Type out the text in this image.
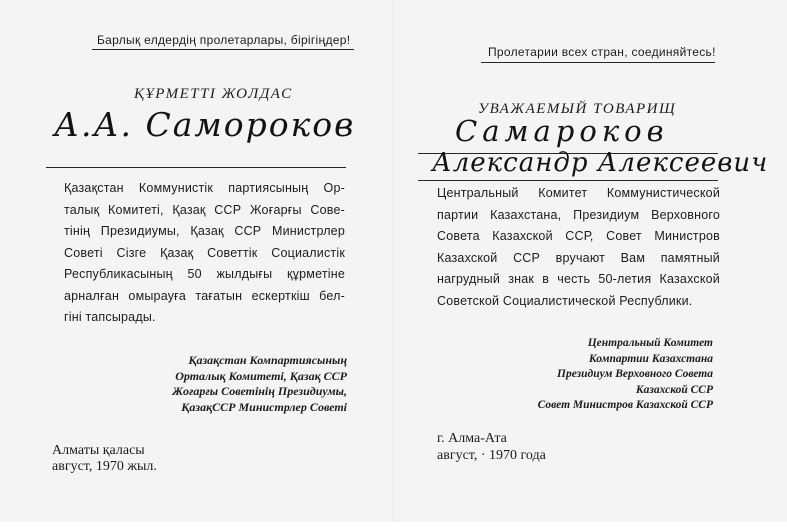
Барлық елдердің пролетарлары, бірігіңдер!
ҚҰРМЕТТІ ЖОЛДАС
А.А. Самороков
Қазақстан Коммунистік партиясының Ор-
талық Комитеті, Қазақ ССР Жоғарғы Сове-
тінің Президиумы, Қазақ ССР Министрлер
Советі Сізге Қазақ Советтік Социалистік
Республикасының 50 жылдығы құрметіне
арналған омырауға тағатын ескерткіш бел-
гіні тапсырады.
Қазақстан Компартиясының
Орталық Комитеті, Қазақ ССР
Жоғарғы Советінің Президиумы,
ҚазақССР Министрлер Советі
Алматы қаласы
август, 1970 жыл.
Пролетарии всех стран, соединяйтесь!
УВАЖАЕМЫЙ ТОВАРИЩ
Самароков
Александр Алексеевич
Центральный Комитет Коммунистической
партии Казахстана, Президиум Верховного
Совета Казахской ССР, Совет Министров
Казахской ССР вручают Вам памятный
нагрудный знак в честь 50-летия Казахской
Советской Социалистической Республики.
Центральный Комитет
Компартии Казахстана
Президиум Верховного Совета
Казахской ССР
Совет Министров Казахской ССР
г. Алма-Ата
август, · 1970 года
